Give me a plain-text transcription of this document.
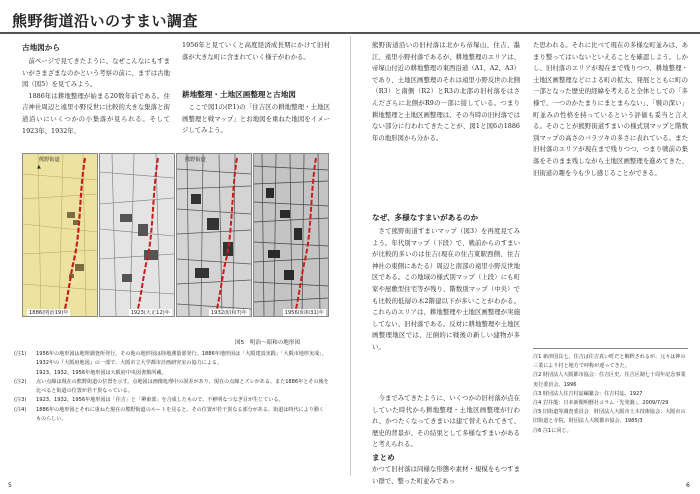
熊野街道沿いのすまい調査
古地図から
　前ページで見てきたように、なぜこんなにもすまいがさまざまなのかという考察の前に、まずは古地図（図5）を見てみよう。
　1886年は耕地整理が始まる20数年前である。住吉神社周辺と遠里小野反世に比較的大きな集落と街道沿いにいくつかの小集落が見られる。そして1923年、1932年、
1956年と見ていくと高度経済成長期にかけて旧村落が大きな町に含まれていく様子がわかる。
耕地整理・土地区画整理と古地図
　ここで図1の(P.1)の「住吉区の耕地整理・土地区画整理と戦マップ」とお地図を重ねた地図をイメージしてみよう。
▲
1886(明治19)年
熊野街道
1923(大正12)年	1932(昭和7)年
熊野街道
1956(昭和31)年
図5　明治〜昭和の地形図
(注1)	1956年の地形図は地理調査所発行。その他の地形図は陸地測量部発行。1886年地形図は「大阪建設実践」「大阪市地形実成」、1932年の『大阪府地図』の一部で、大阪市立大学都市計画研究室の協力による。
1923、1932、1956年地形図は大阪府中央図書館所蔵。
(注2)	点い点線は現在の熊野街道の位置を示す。点地図は画像処理中の誤差があり、現在の点線とズレがある。また1886年とその後を比べると街道の位置が若干異なっている。
(注3)	1923、1932、1956年地形図は「住吉」と「堺東部」を合成したもので、不鮮明なつなぎ目が生じている。
(注4)	1886年の地形図とそれに重ねた現在の熊野街道のルートを見ると、その位置が若干異なる部分がある。街道は時代により動くものらしい。
熊野街道沿いの旧村落は北から帝塚山、住吉、墨江、遠里小野村落であるが、耕地整理のエリアは、帝塚山付近の耕地整理の東西沿道（A1、A2、A3）であり、土地区画整理のそれは遠里小野反世の北側（R3）と南側（R2）とR3の北部の旧村落をはさんだざらに北側がR9の一部に接している。つまり耕地整理と土地区画整理は、その当時の旧村落ではない部分に行われてきたことが、図1と図6の1886年の地形図から分かる。
なぜ、多様なすまいがあるのか
　さて熊野街道すまいマップ（図3）を再度見てみよう。年代別マップ（下段）で、戦前からのすまいが比較的多いのは住吉(現在の住吉東駅西側、住吉神社の東側にあたる）周辺と南部の遠里小野反世地区である。この地域の様式別マップ（上段）にも町家や屋敷型住宅等が残り、階数別マップ（中央）でも比較的低層の木2階建以下が多いことがわかる。これらのエリアは、耕地整理や土地区画整理が実施してない、旧村落である。反対に耕地整理や土地区画整理地区では、圧倒的に戦後の新しい建物が多い。
　今までみてきたように、いくつかの旧村落が点在していた時代から耕地整理・土地区画整理が行われ、かつたくなってきまいは建て替えられてきて、歴史的背景が、その結果として多様なすまいがあると考えられる。
まとめ
かつて旧村落は同様な形態や素材・規模をもつすまい群で、整った町並みであっ
た思われる。それに比べて現在の多様な町並みは、あまり整ってはいないといえることを確認しよう。しかし、旧村落のエリアが現在まで残りつつ、耕地整理・土地区画整理などによる町の拡大、発展とともに町の一部となった歴史的経緯を考えると全体としての「多様で、一つのかたまりにまとまらない」、「襞の深い」町並みの性格を持っているという評価も妥当と言える。そのことが熊野街道すまいの様式別マップと階数別マップの高さのバラツキの多さに表れている。また旧村落のエリアが現在まで残りつつ、つまり戦前の集落をそのまま残しながら土地区画整理を進めてきた、旧街道の趣を今も少し感じることができる。

注1 新津国具七、住吉は住吉真い町だと解釈されるが、元々は神の三業により村と地方で呼称が違ってきた。

注2 財団法人大阪都市協会：住吉区史、住吉区制七十周年記念事業実行委員会、1996

注3 財団法人住吉村誌編纂会：住吉村誌、1927

注4 岩井龍：日本新聞明暦社コラム「先発調」、2009/7/29

注5 旧街道等調査委員会　財団法人大阪市土木技術協会：大阪市の旧街道と寺院、財団法人大阪都市協会、1985/3

注6 注1に同じ。

5	6
